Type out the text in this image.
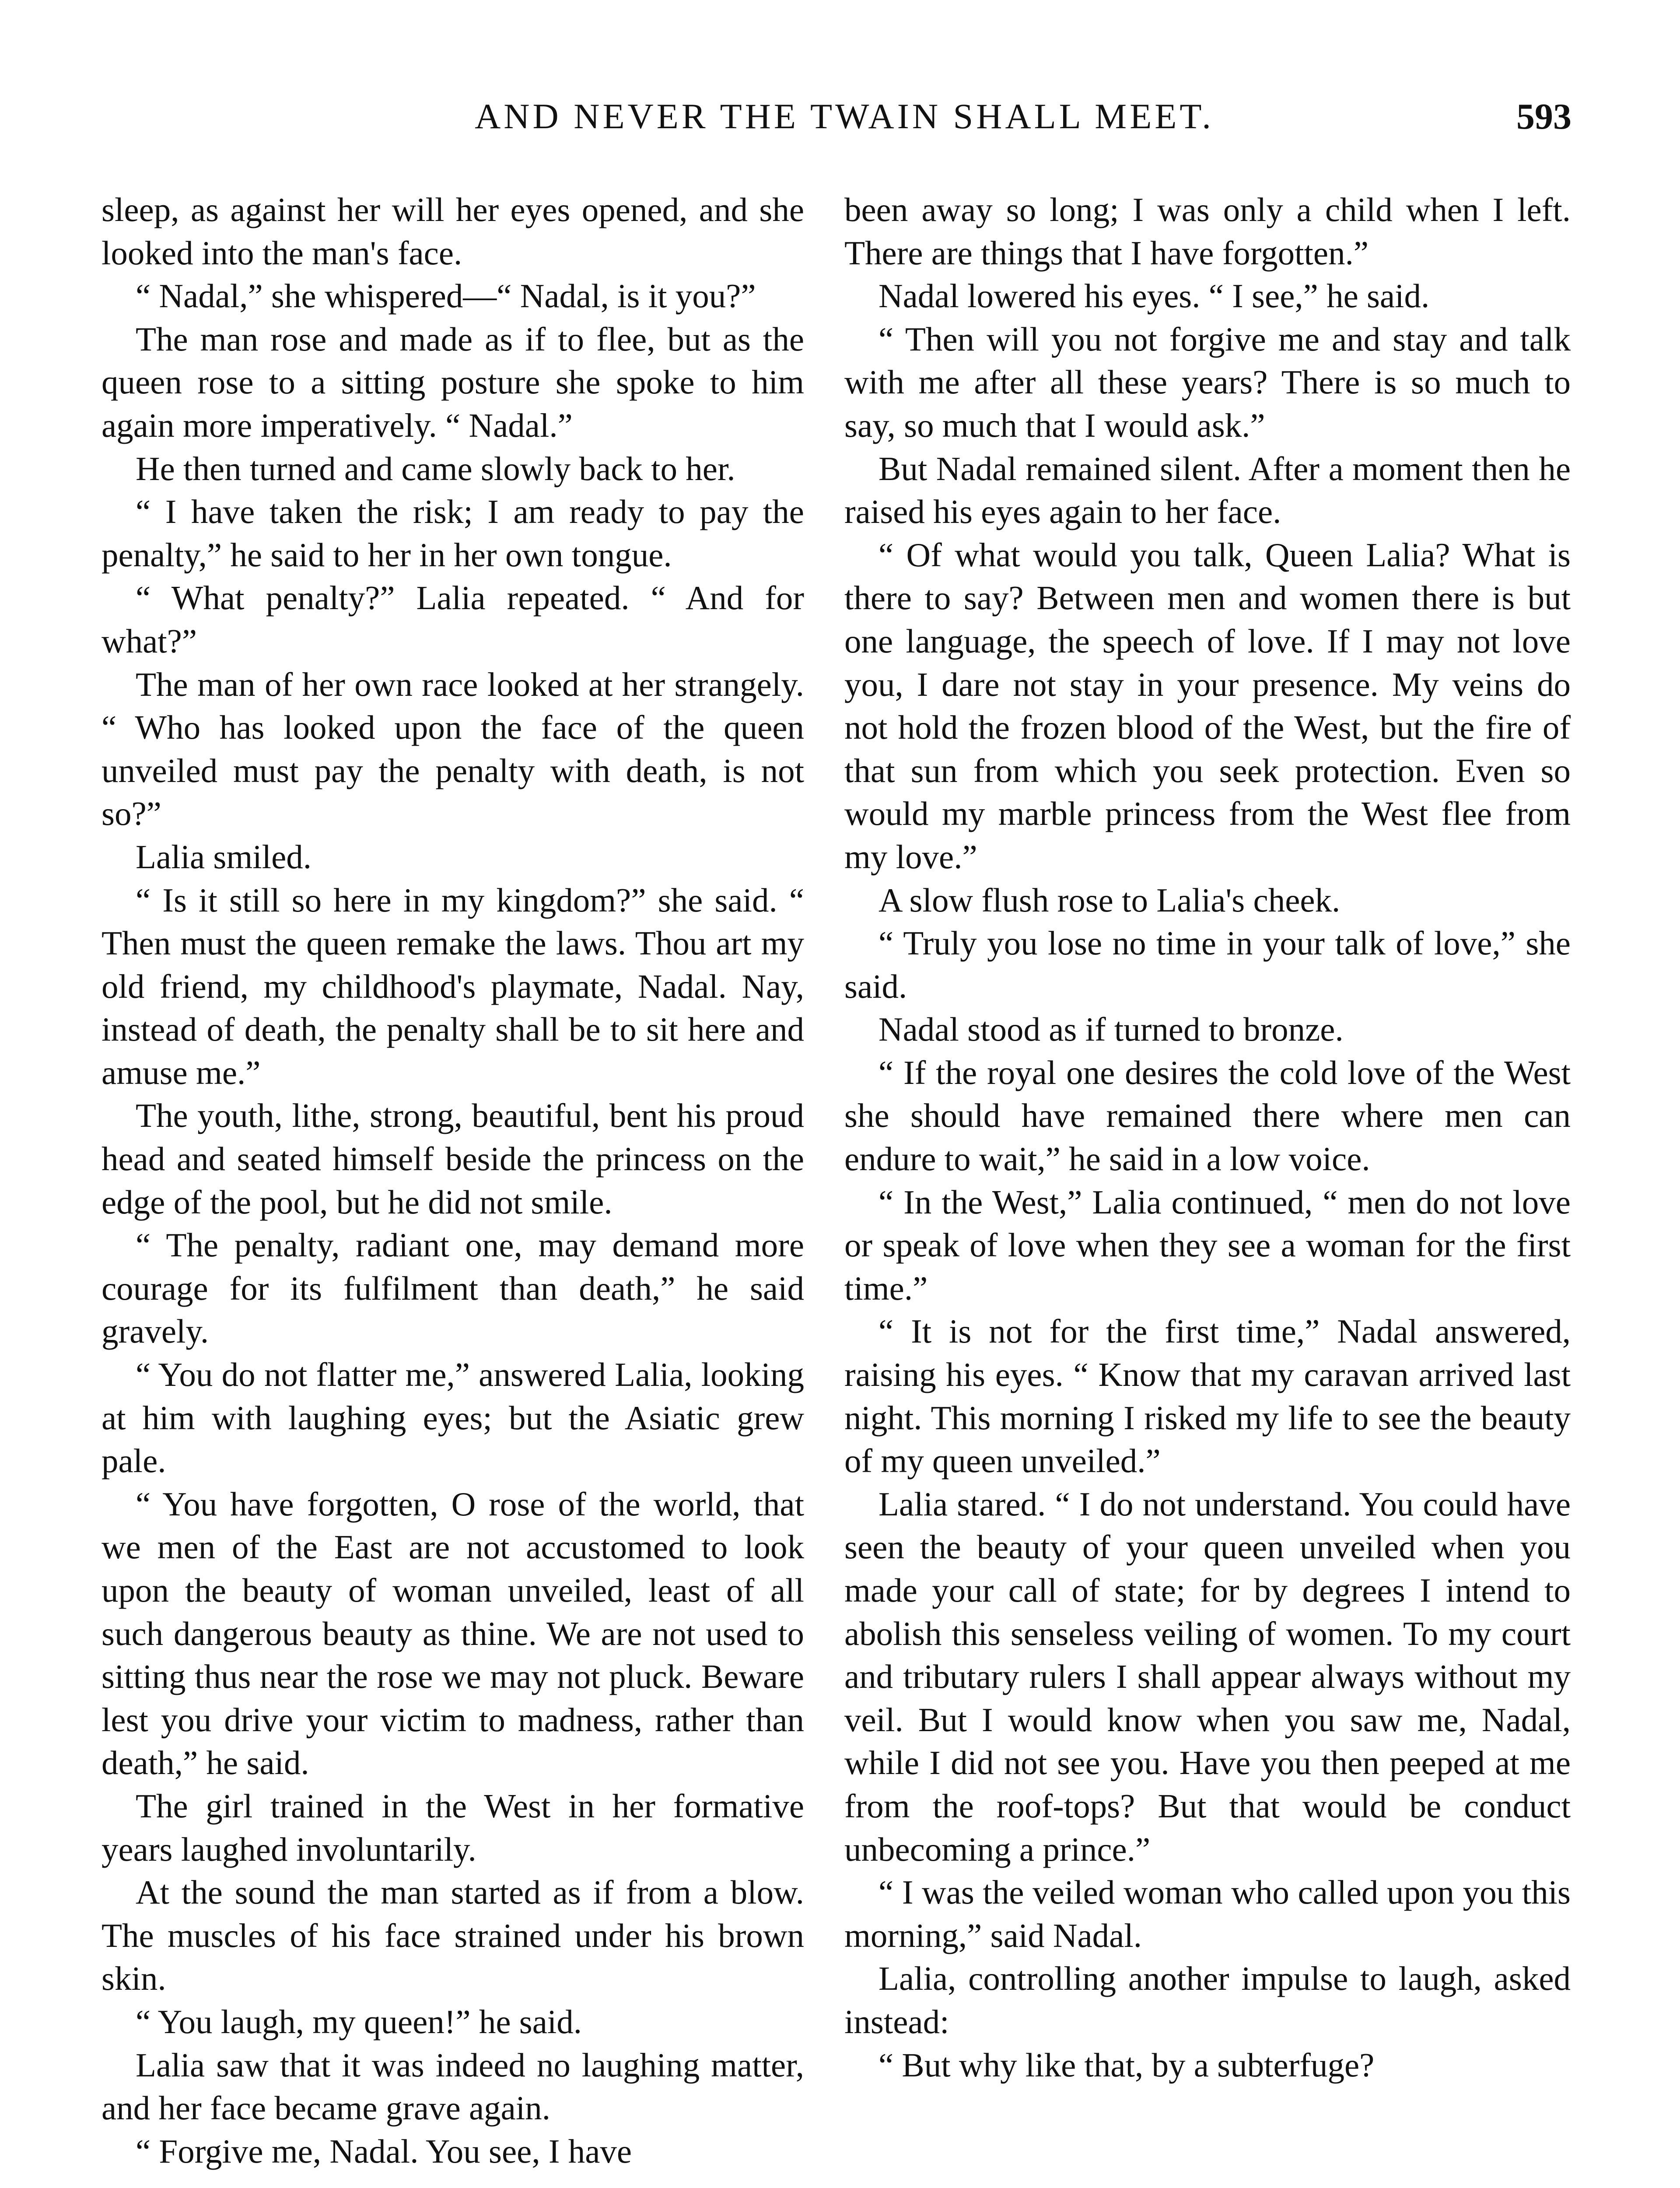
AND NEVER THE TWAIN SHALL MEET.	593

sleep, as against her will her eyes opened, and she looked into the man's face.

“ Nadal,” she whispered—“ Nadal, is it you?”

The man rose and made as if to flee, but as the queen rose to a sitting posture she spoke to him again more imperatively. “ Nadal.”

He then turned and came slowly back to her.

“ I have taken the risk; I am ready to pay the penalty,” he said to her in her own tongue.

“ What penalty?” Lalia repeated. “ And for what?”

The man of her own race looked at her strangely. “ Who has looked upon the face of the queen unveiled must pay the penalty with death, is not so?”

Lalia smiled.

“ Is it still so here in my kingdom?” she said. “ Then must the queen remake the laws. Thou art my old friend, my childhood's playmate, Nadal. Nay, instead of death, the penalty shall be to sit here and amuse me.”

The youth, lithe, strong, beautiful, bent his proud head and seated himself beside the princess on the edge of the pool, but he did not smile.

“ The penalty, radiant one, may demand more courage for its fulfilment than death,” he said gravely.

“ You do not flatter me,” answered Lalia, looking at him with laughing eyes; but the Asiatic grew pale.

“ You have forgotten, O rose of the world, that we men of the East are not accustomed to look upon the beauty of woman unveiled, least of all such dangerous beauty as thine. We are not used to sitting thus near the rose we may not pluck. Beware lest you drive your victim to madness, rather than death,” he said.

The girl trained in the West in her formative years laughed involuntarily.

At the sound the man started as if from a blow. The muscles of his face strained under his brown skin.

“ You laugh, my queen!” he said.

Lalia saw that it was indeed no laughing matter, and her face became grave again.

“ Forgive me, Nadal. You see, I have

been away so long; I was only a child when I left. There are things that I have forgotten.”

Nadal lowered his eyes. “ I see,” he said.

“ Then will you not forgive me and stay and talk with me after all these years? There is so much to say, so much that I would ask.”

But Nadal remained silent. After a moment then he raised his eyes again to her face.

“ Of what would you talk, Queen Lalia? What is there to say? Between men and women there is but one language, the speech of love. If I may not love you, I dare not stay in your presence. My veins do not hold the frozen blood of the West, but the fire of that sun from which you seek protection. Even so would my marble princess from the West flee from my love.”

A slow flush rose to Lalia's cheek.

“ Truly you lose no time in your talk of love,” she said.

Nadal stood as if turned to bronze.

“ If the royal one desires the cold love of the West she should have remained there where men can endure to wait,” he said in a low voice.

“ In the West,” Lalia continued, “ men do not love or speak of love when they see a woman for the first time.”

“ It is not for the first time,” Nadal answered, raising his eyes. “ Know that my caravan arrived last night. This morning I risked my life to see the beauty of my queen unveiled.”

Lalia stared. “ I do not understand. You could have seen the beauty of your queen unveiled when you made your call of state; for by degrees I intend to abolish this senseless veiling of women. To my court and tributary rulers I shall appear always without my veil. But I would know when you saw me, Nadal, while I did not see you. Have you then peeped at me from the roof-tops? But that would be conduct unbecoming a prince.”

“ I was the veiled woman who called upon you this morning,” said Nadal.

Lalia, controlling another impulse to laugh, asked instead:

“ But why like that, by a subterfuge?
